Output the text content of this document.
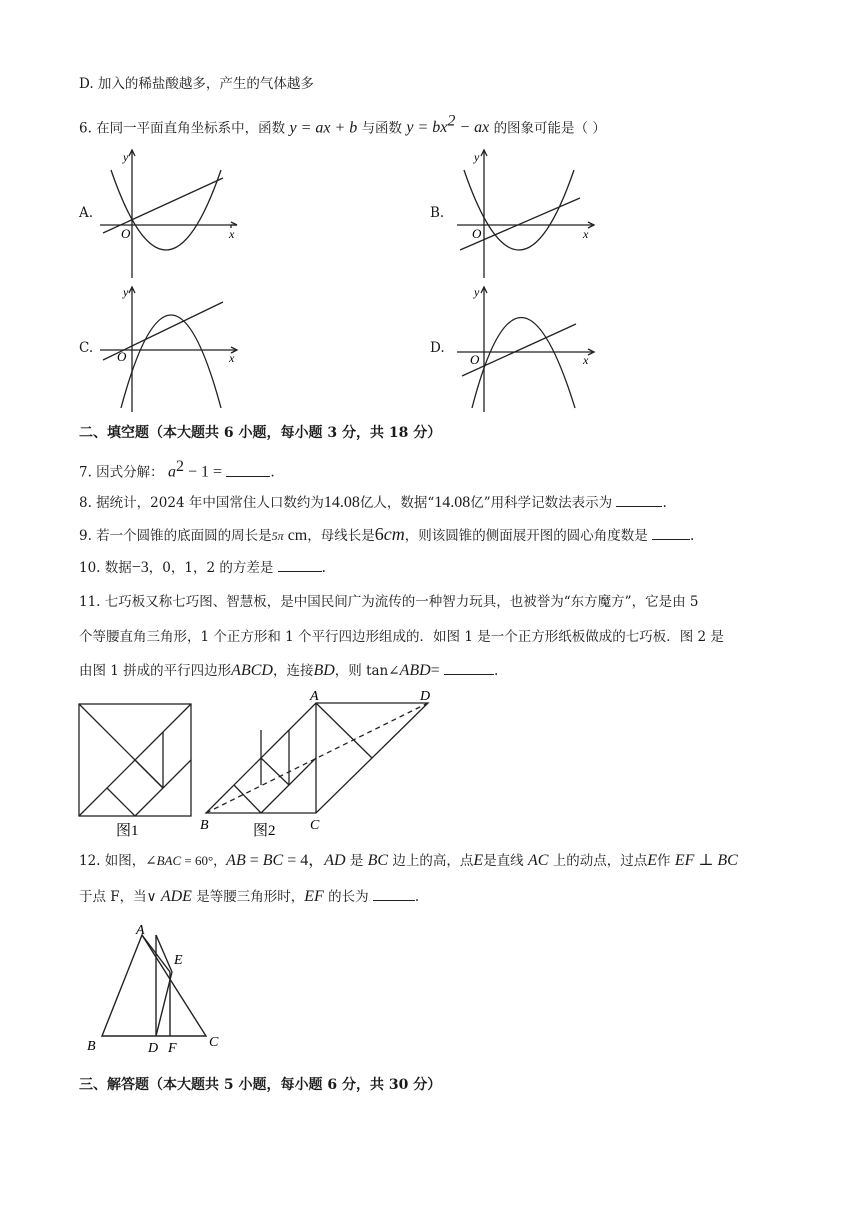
D. 加入的稀盐酸越多，产生的气体越多
6. 在同一平面直角坐标系中，函数 y = ax + b 与函数 $y = bx^2$ − ax 的图象可能是（ ）
A.	B.
C.	D.
y
x
O
y
x
O
y
x
O
y
x
O
二、填空题（本大题共 6 小题，每小题 3 分，共 18 分）
7. 因式分解： $a^2 - 1$ =	.
8. 据统计，2024 年中国常住人口数约为14.08亿人，数据“14.08亿”用科学记数法表示为	.
9. 若一个圆锥的底面圆的周长是5π cm，母线长是6cm，则该圆锥的侧面展开图的圆心角度数是	.
10. 数据−3，0，1，2 的方差是	.
11. 七巧板又称七巧图、智慧板，是中国民间广为流传的一种智力玩具，也被誉为“东方魔方”，它是由 5
个等腰直角三角形，1 个正方形和 1 个平行四边形组成的．如图 1 是一个正方形纸板做成的七巧板．图 2 是
由图 1 拼成的平行四边形ABCD，连接BD，则 tan∠ABD=	.
图1
A	D
B	C
图2
12. 如图，∠BAC = 60°，AB = BC = 4，AD 是 BC 边上的高，点E是直线 AC 上的动点，过点E作 EF ⊥ BC
于点 F，当∨ ADE 是等腰三角形时，EF 的长为	.
A
E
B	D F C
三、解答题（本大题共 5 小题，每小题 6 分，共 30 分）
